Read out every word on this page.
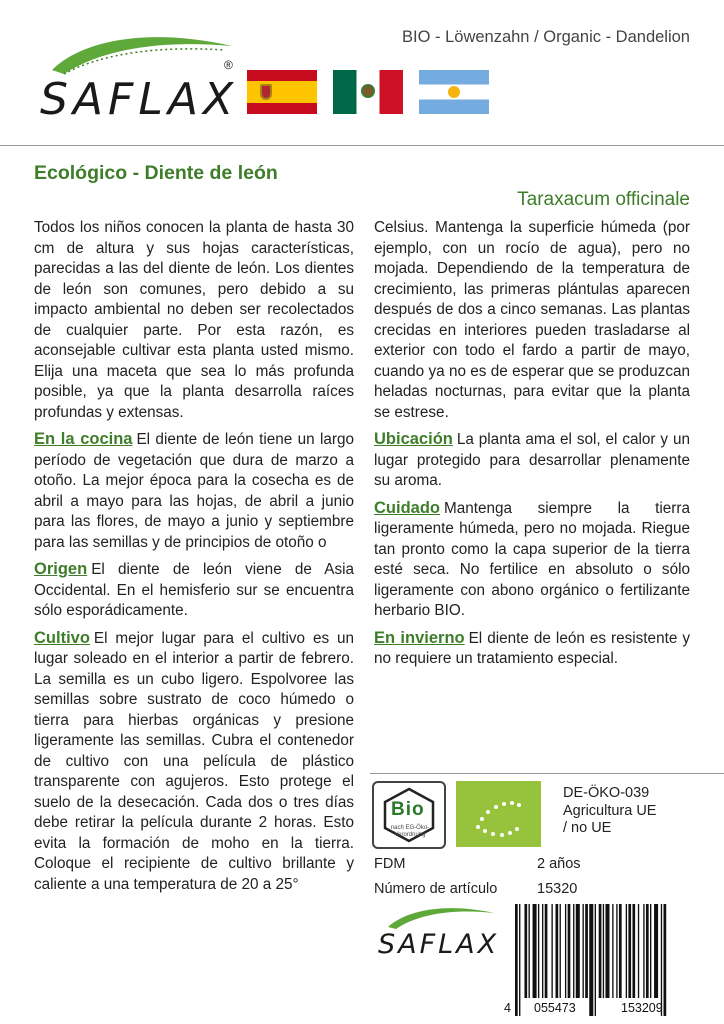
BIO - Löwenzahn / Organic - Dandelion
SAFLAX
®
Ecológico - Diente de león
Taraxacum officinale

Todos los niños conocen la planta de hasta 30 cm de altura y sus hojas características, parecidas a las del diente de león. Los dientes de león son comunes, pero debido a su impacto ambiental no deben ser recolectados de cualquier parte. Por esta razón, es aconsejable cultivar esta planta usted mismo. Elija una maceta que sea lo más profunda posible, ya que la planta desarrolla raíces profundas y extensas.

En la cocina El diente de león tiene un largo período de vegetación que dura de marzo a otoño. La mejor época para la cosecha es de abril a mayo para las hojas, de abril a junio para las flores, de mayo a junio y septiembre para las semillas y de principios de otoño o

Origen El diente de león viene de Asia Occidental. En el hemisferio sur se encuentra sólo esporádicamente.

Cultivo El mejor lugar para el cultivo es un lugar soleado en el interior a partir de febrero. La semilla es un cubo ligero. Espolvoree las semillas sobre sustrato de coco húmedo o tierra para hierbas orgánicas y presione ligeramente las semillas. Cubra el contenedor de cultivo con una película de plástico transparente con agujeros. Esto protege el suelo de la desecación. Cada dos o tres días debe retirar la película durante 2 horas. Esto evita la formación de moho en la tierra. Coloque el recipiente de cultivo brillante y caliente a una temperatura de 20 a 25°

Celsius. Mantenga la superficie húmeda (por ejemplo, con un rocío de agua), pero no mojada. Dependiendo de la temperatura de crecimiento, las primeras plántulas aparecen después de dos a cinco semanas. Las plantas crecidas en interiores pueden trasladarse al exterior con todo el fardo a partir de mayo, cuando ya no es de esperar que se produzcan heladas nocturnas, para evitar que la planta se estrese.

Ubicación La planta ama el sol, el calor y un lugar protegido para desarrollar plenamente su aroma.

Cuidado Mantenga siempre la tierra ligeramente húmeda, pero no mojada. Riegue tan pronto como la capa superior de la tierra esté seca. No fertilice en absoluto o sólo ligeramente con abono orgánico o fertilizante herbario BIO.

En invierno El diente de león es resistente y no requiere un tratamiento especial.

Bio
nach EG-Öko-Verordnung
DE-ÖKO-039
Agricultura UE
/ no UE
FDM	2 años
Número de artículo	15320
SAFLAX
4 055473	153209
